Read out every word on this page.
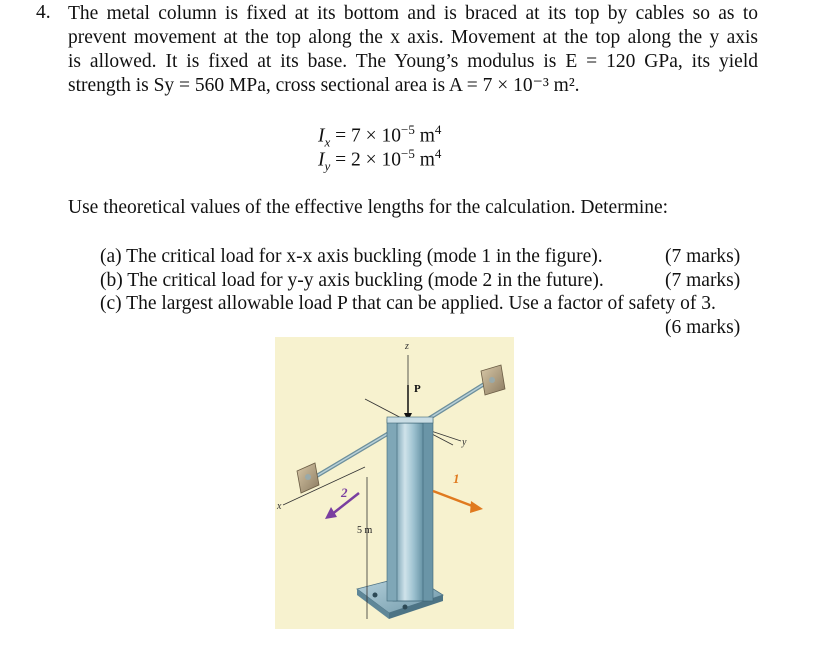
4. The metal column is fixed at its bottom and is braced at its top by cables so as to
prevent movement at the top along the x axis. Movement at the top along the y axis
is allowed. It is fixed at its base. The Young’s modulus is E = 120 GPa, its yield
strength is Sy = 560 MPa, cross sectional area is A = 7 × 10⁻³ m².
$I_x = 7 \times 10^{-5}$ $m^4$
$I_y = 2 \times 10^{-5}$ $m^4$
Use theoretical values of the effective lengths for the calculation. Determine:
(a) The critical load for x-x axis buckling (mode 1 in the figure).	(7 marks)
(b) The critical load for y-y axis buckling (mode 2 in the future).	(7 marks)
(c) The largest allowable load P that can be applied. Use a factor of safety of 3.
(6 marks)
z
P
x
y
5 m
1
2
